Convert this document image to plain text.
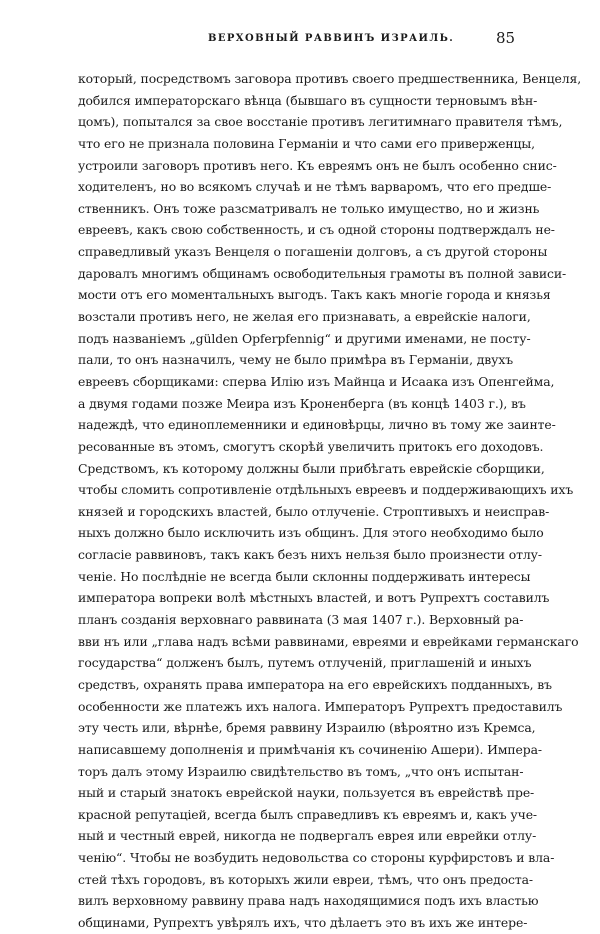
ВЕРХОВНЫЙ РАВВИНЪ ИЗРАИЛЬ.	85
который, посредствомъ заговора противъ своего предшественника, Венцеля,
добился императорскаго вѣнца (бывшаго въ сущности терновымъ вѣн-
цомъ), попытался за свое восстаніе противъ легитимнаго правителя тѣмъ,
что его не признала половина Германіи и что сами его приверженцы,
устроили заговоръ противъ него. Къ евреямъ онъ не былъ особенно снис-
ходителенъ, но во всякомъ случаѣ и не тѣмъ варваромъ, что его предше-
ственникъ. Онъ тоже разсматривалъ не только имущество, но и жизнь
евреевъ, какъ свою собственность, и съ одной стороны подтверждалъ не-
справедливый указъ Венцеля о погашеніи долговъ, а съ другой стороны
даровалъ многимъ общинамъ освободительныя грамоты въ полной зависи-
мости отъ его моментальныхъ выгодъ. Такъ какъ многіе города и князья
возстали противъ него, не желая его признавать, а еврейскіе налоги,
подъ названіемъ „gülden Opferpfennig“ и другими именами, не посту-
пали, то онъ назначилъ, чему не было примѣра въ Германіи, двухъ
евреевъ сборщиками: сперва Илію изъ Майнца и Исаака изъ Опенгейма,
а двумя годами позже Меира изъ Кроненберга (въ концѣ 1403 г.), въ
надеждѣ, что единоплеменники и единовѣрцы, лично въ тому же заинте-
ресованные въ этомъ, смогутъ скорѣй увеличить притокъ его доходовъ.
Средствомъ, къ которому должны были прибѣгать еврейскіе сборщики,
чтобы сломить сопротивленіе отдѣльныхъ евреевъ и поддерживающихъ ихъ
князей и городскихъ властей, было отлученіе. Строптивыхъ и неисправ-
ныхъ должно было исключить изъ общинъ. Для этого необходимо было
согласіе раввиновъ, такъ какъ безъ нихъ нельзя было произнести отлу-
ченіе. Но послѣдніе не всегда были склонны поддерживать интересы
императора вопреки волѣ мѣстныхъ властей, и вотъ Рупрехтъ составилъ
планъ созданія верховнаго раввината (3 мая 1407 г.). Верховный ра-
вви нъ или „глава надъ всѣми раввинами, евреями и еврейками германскаго
государства“ долженъ былъ, путемъ отлученій, приглашеній и иныхъ
средствъ, охранять права императора на его еврейскихъ подданныхъ, въ
особенности же платежъ ихъ налога. Императоръ Рупрехтъ предоставилъ
эту честь или, вѣрнѣе, бремя раввину Израилю (вѣроятно изъ Кремса,
написавшему дополненія и примѣчанія къ сочиненію Ашери). Импера-
торъ далъ этому Израилю свидѣтельство въ томъ, „что онъ испытан-
ный и старый знатокъ еврейской науки, пользуется въ еврействѣ пре-
красной репутаціей, всегда былъ справедливъ къ евреямъ и, какъ уче-
ный и честный еврей, никогда не подвергалъ еврея или еврейки отлу-
ченію“. Чтобы не возбудить недовольства со стороны курфирстовъ и вла-
стей тѣхъ городовъ, въ которыхъ жили евреи, тѣмъ, что онъ предоста-
вилъ верховному раввину права надъ находящимися подъ ихъ властью
общинами, Рупрехтъ увѣрялъ ихъ, что дѣлаетъ это въ ихъ же интере-
